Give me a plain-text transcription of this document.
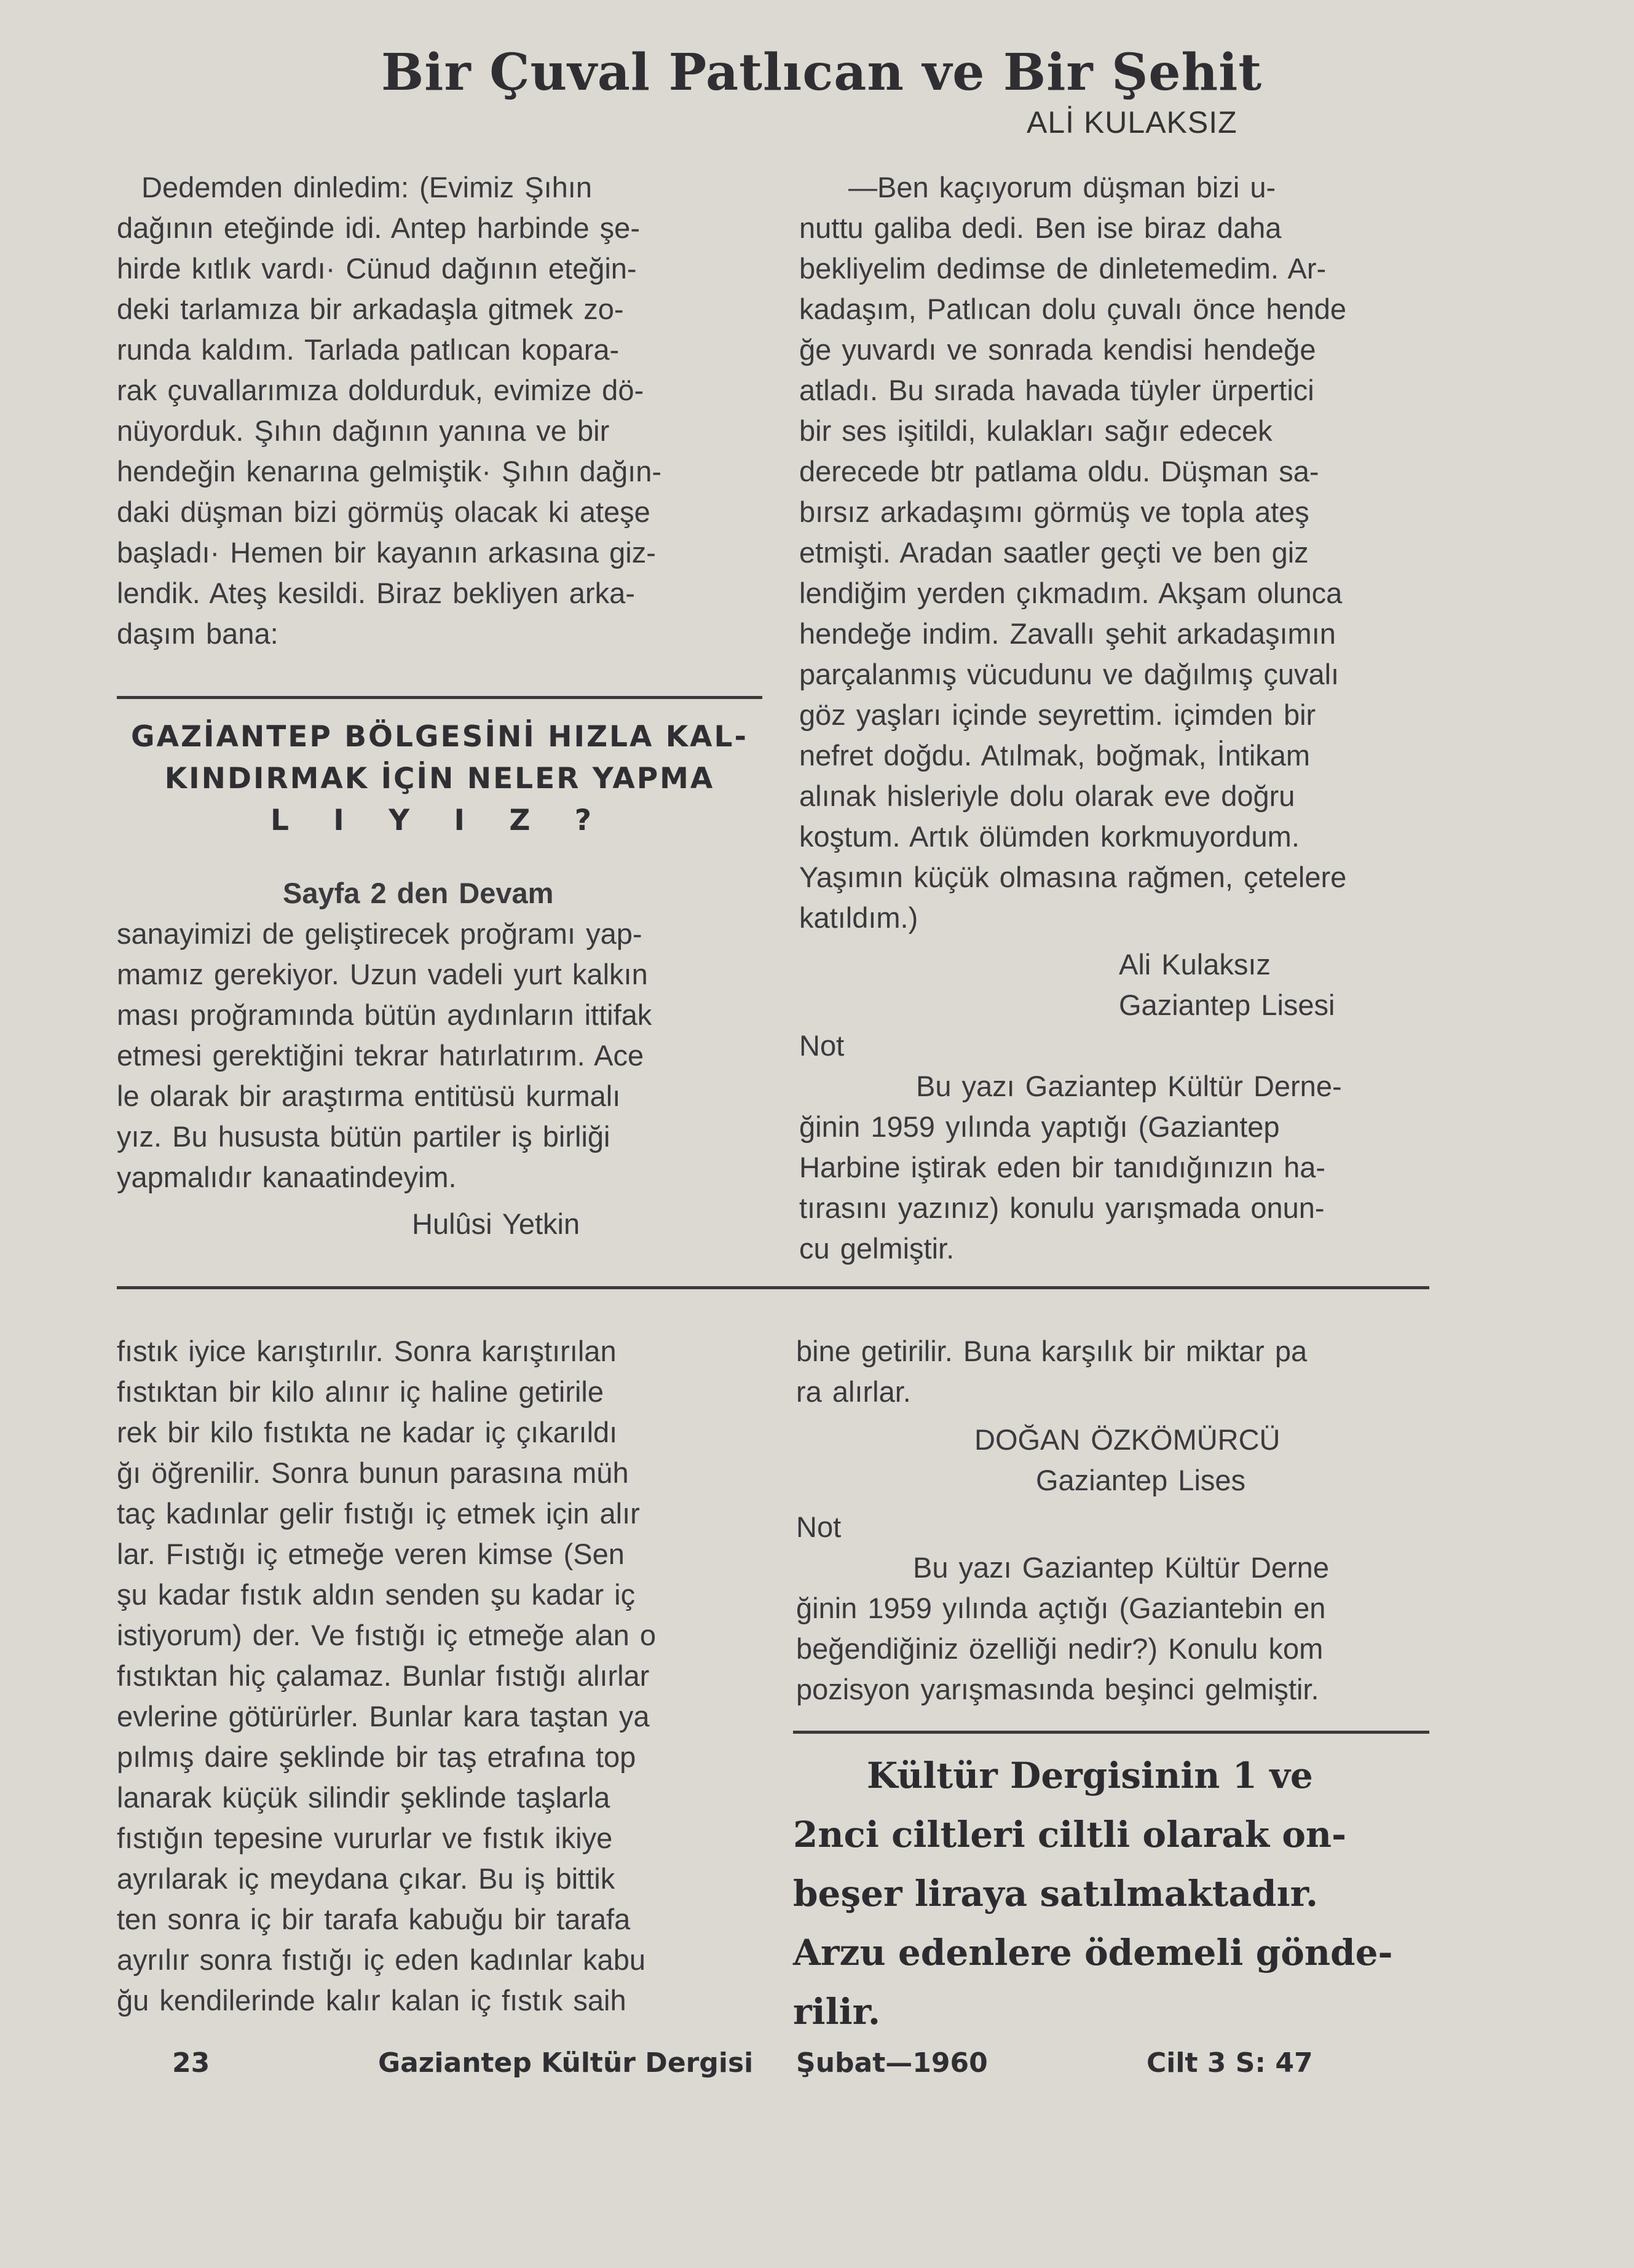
Bir Çuval Patlıcan ve Bir Şehit
ALİ KULAKSIZ
Dedemden dinledim: (Evimiz Şıhın
dağının eteğinde idi. Antep harbinde şe-
hirde kıtlık vardı· Cünud dağının eteğin-
deki tarlamıza bir arkadaşla gitmek zo-
runda kaldım. Tarlada patlıcan kopara-
rak çuvallarımıza doldurduk, evimize dö-
nüyorduk. Şıhın dağının yanına ve bir
hendeğin kenarına gelmiştik· Şıhın dağın-
daki düşman bizi görmüş olacak ki ateşe
başladı· Hemen bir kayanın arkasına giz-
lendik. Ateş kesildi. Biraz bekliyen arka-
daşım bana:
—Ben kaçıyorum düşman bizi u-
nuttu galiba dedi. Ben ise biraz daha
bekliyelim dedimse de dinletemedim. Ar-
kadaşım, Patlıcan dolu çuvalı önce hende
ğe yuvardı ve sonrada kendisi hendeğe
atladı. Bu sırada havada tüyler ürpertici
bir ses işitildi, kulakları sağır edecek
derecede btr patlama oldu. Düşman sa-
bırsız arkadaşımı görmüş ve topla ateş
etmişti. Aradan saatler geçti ve ben giz
lendiğim yerden çıkmadım. Akşam olunca
hendeğe indim. Zavallı şehit arkadaşımın
parçalanmış vücudunu ve dağılmış çuvalı
göz yaşları içinde seyrettim. içimden bir
nefret doğdu. Atılmak, boğmak, İntikam
alınak hisleriyle dolu olarak eve doğru
koştum. Artık ölümden korkmuyordum.
Yaşımın küçük olmasına rağmen, çetelere
katıldım.)
Ali Kulaksız
Gaziantep Lisesi
Not
Bu yazı Gaziantep Kültür Derne-
ğinin 1959 yılında yaptığı (Gaziantep
Harbine iştirak eden bir tanıdığınızın ha-
tırasını yazınız) konulu yarışmada onun-
cu gelmiştir.
GAZİANTEP BÖLGESİNİ HIZLA KAL-
KINDIRMAK İÇİN NELER YAPMA
L I Y I Z ?
Sayfa 2 den Devam
sanayimizi de geliştirecek proğramı yap-
mamız gerekiyor. Uzun vadeli yurt kalkın
ması proğramında bütün aydınların ittifak
etmesi gerektiğini tekrar hatırlatırım. Ace
le olarak bir araştırma entitüsü kurmalı
yız. Bu hususta bütün partiler iş birliği
yapmalıdır kanaatindeyim.
Hulûsi Yetkin
fıstık iyice karıştırılır. Sonra karıştırılan
fıstıktan bir kilo alınır iç haline getirile
rek bir kilo fıstıkta ne kadar iç çıkarıldı
ğı öğrenilir. Sonra bunun parasına müh
taç kadınlar gelir fıstığı iç etmek için alır
lar. Fıstığı iç etmeğe veren kimse (Sen
şu kadar fıstık aldın senden şu kadar iç
istiyorum) der. Ve fıstığı iç etmeğe alan o
fıstıktan hiç çalamaz. Bunlar fıstığı alırlar
evlerine götürürler. Bunlar kara taştan ya
pılmış daire şeklinde bir taş etrafına top
lanarak küçük silindir şeklinde taşlarla
fıstığın tepesine vururlar ve fıstık ikiye
ayrılarak iç meydana çıkar. Bu iş bittik
ten sonra iç bir tarafa kabuğu bir tarafa
ayrılır sonra fıstığı iç eden kadınlar kabu
ğu kendilerinde kalır kalan iç fıstık saih
bine getirilir. Buna karşılık bir miktar pa
ra alırlar.
DOĞAN ÖZKÖMÜRCÜ
Gaziantep Lises
Not
Bu yazı Gaziantep Kültür Derne
ğinin 1959 yılında açtığı (Gaziantebin en
beğendiğiniz özelliği nedir?) Konulu kom
pozisyon yarışmasında beşinci gelmiştir.
Kültür Dergisinin 1 ve
2nci ciltleri ciltli olarak on-
beşer liraya satılmaktadır.
Arzu edenlere ödemeli gönde-
rilir.
23	Gaziantep Kültür Dergisi Şubat—1960	Cilt 3 S: 47
